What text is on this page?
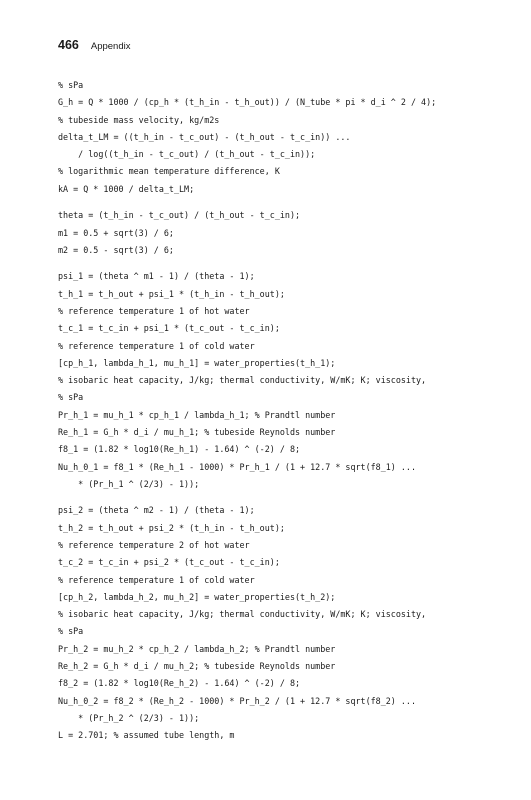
466 Appendix
% sPa
G_h = Q * 1000 / (cp_h * (t_h_in - t_h_out)) / (N_tube * pi * d_i ^ 2 / 4);
% tubeside mass velocity, kg/m2s
delta_t_LM = ((t_h_in - t_c_out) - (t_h_out - t_c_in)) ...
/ log((t_h_in - t_c_out) / (t_h_out - t_c_in));
% logarithmic mean temperature difference, K
kA = Q * 1000 / delta_t_LM;
theta = (t_h_in - t_c_out) / (t_h_out - t_c_in);
m1 = 0.5 + sqrt(3) / 6;
m2 = 0.5 - sqrt(3) / 6;
psi_1 = (theta ^ m1 - 1) / (theta - 1);
t_h_1 = t_h_out + psi_1 * (t_h_in - t_h_out);
% reference temperature 1 of hot water
t_c_1 = t_c_in + psi_1 * (t_c_out - t_c_in);
% reference temperature 1 of cold water
[cp_h_1, lambda_h_1, mu_h_1] = water_properties(t_h_1);
% isobaric heat capacity, J/kg; thermal conductivity, W/mK; K; viscosity,
% sPa
Pr_h_1 = mu_h_1 * cp_h_1 / lambda_h_1; % Prandtl number
Re_h_1 = G_h * d_i / mu_h_1; % tubeside Reynolds number
f8_1 = (1.82 * log10(Re_h_1) - 1.64) ^ (-2) / 8;
Nu_h_0_1 = f8_1 * (Re_h_1 - 1000) * Pr_h_1 / (1 + 12.7 * sqrt(f8_1) ...
* (Pr_h_1 ^ (2/3) - 1));
psi_2 = (theta ^ m2 - 1) / (theta - 1);
t_h_2 = t_h_out + psi_2 * (t_h_in - t_h_out);
% reference temperature 2 of hot water
t_c_2 = t_c_in + psi_2 * (t_c_out - t_c_in);
% reference temperature 1 of cold water
[cp_h_2, lambda_h_2, mu_h_2] = water_properties(t_h_2);
% isobaric heat capacity, J/kg; thermal conductivity, W/mK; K; viscosity,
% sPa
Pr_h_2 = mu_h_2 * cp_h_2 / lambda_h_2; % Prandtl number
Re_h_2 = G_h * d_i / mu_h_2; % tubeside Reynolds number
f8_2 = (1.82 * log10(Re_h_2) - 1.64) ^ (-2) / 8;
Nu_h_0_2 = f8_2 * (Re_h_2 - 1000) * Pr_h_2 / (1 + 12.7 * sqrt(f8_2) ...
* (Pr_h_2 ^ (2/3) - 1));
L = 2.701; % assumed tube length, m
